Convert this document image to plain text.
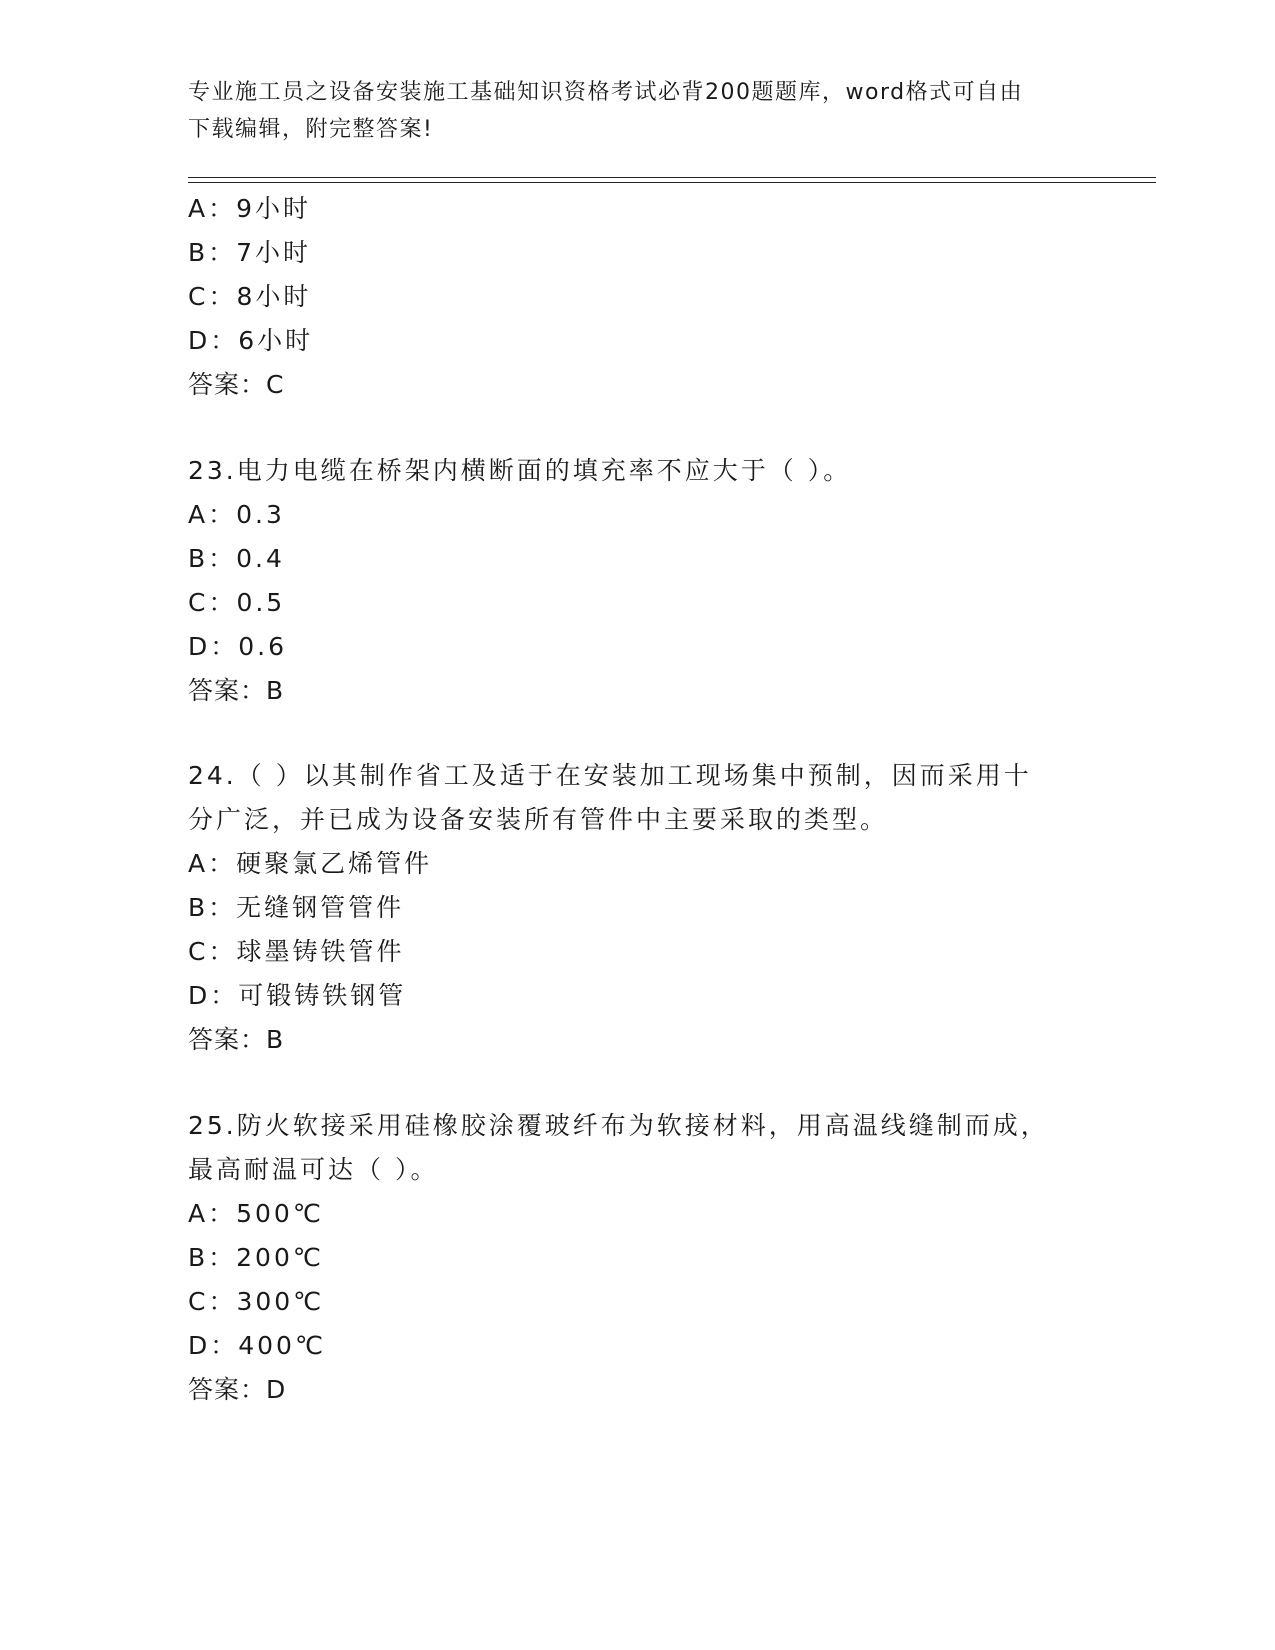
专业施工员之设备安装施工基础知识资格考试必背200题题库，word格式可自由
下载编辑，附完整答案!
A：9小时
B：7小时
C：8小时
D：6小时
答案：C
23.电力电缆在桥架内横断面的填充率不应大于（ ）。
A：0.3
B：0.4
C：0.5
D：0.6
答案：B
24.（ ）以其制作省工及适于在安装加工现场集中预制，因而采用十
分广泛，并已成为设备安装所有管件中主要采取的类型。
A：硬聚氯乙烯管件
B：无缝钢管管件
C：球墨铸铁管件
D：可锻铸铁钢管
答案：B
25.防火软接采用硅橡胶涂覆玻纤布为软接材料，用高温线缝制而成，
最高耐温可达（ ）。
A：500℃
B：200℃
C：300℃
D：400℃
答案：D
